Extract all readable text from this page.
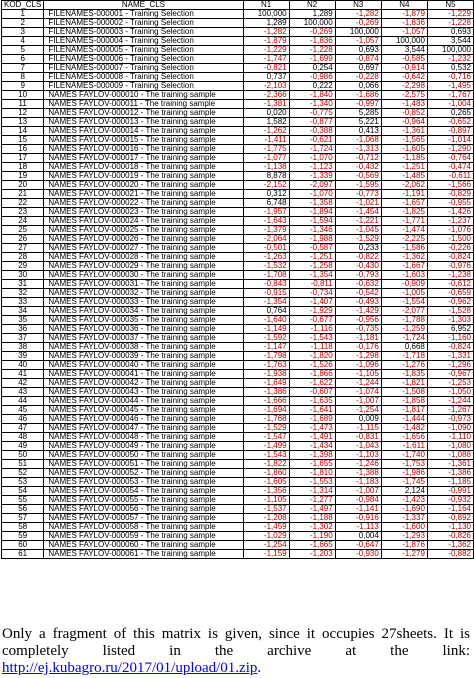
KOD_CLS	NAME_CLS	N1	N2	N3	N4	N5
1	FILENAMES-000001 - Training Selection	100,000	1,289	-1,282	-1,879	-1,229
2	FILENAMES-000002 - Training Selection	1,289	100,000	-0,269	-1,836	-1,228
3	FILENAMES-000003 - Training Selection	-1,282	-0,269	100,000	-1,057	0,693
4	FILENAMES-000004 - Training Selection	-1,879	-1,836	-1,057	100,000	3,544
5	FILENAMES-000005 - Training Selection	-1,229	-1,228	0,693	3,544	100,000
6	FILENAMES-000006 - Training Selection	-1,747	-1,699	-0,874	-0,585	-1,232
7	FILENAMES-000007 - Training Selection	-0,821	0,254	0,697	-0,914	0,532
8	FILENAMES-000008 - Training Selection	0,737	-0,986	-0,228	-0,642	-0,716
9	FILENAMES-000009 - Training Selection	-2,103	0,222	0,066	-2,298	-1,495
10	NAMES FAYLOV-000010 - The training sample	-2,366	-1,840	-1,686	-2,575	-1,767
11	NAMES FAYLOV-000011 - The training sample	-1,381	-1,340	-0,997	-1,483	-1,004
12	NAMES FAYLOV-000012 - The training sample	0,020	-0,775	5,285	-0,852	0,265
13	NAMES FAYLOV-000013 - The training sample	1,582	-0,877	5,221	-0,964	-0,652
14	NAMES FAYLOV-000014 - The training sample	-1,262	-0,388	0,413	-1,361	-0,897
15	NAMES FAYLOV-000015 - The training sample	-1,411	-0,621	-1,068	-1,565	-1,014
16	NAMES FAYLOV-000016 - The training sample	-1,775	-1,724	-1,313	-1,605	-1,290
17	NAMES FAYLOV-000017 - The training sample	-1,077	-1,070	-0,712	-1,185	-0,764
18	NAMES FAYLOV-000018 - The training sample	-1,138	-1,123	-0,432	-1,251	-0,474
19	NAMES FAYLOV-000019 - The training sample	8,878	-1,339	-0,569	-1,485	-0,611
20	NAMES FAYLOV-000020 - The training sample	-2,152	-2,097	-1,595	-2,062	-1,566
21	NAMES FAYLOV-000021 - The training sample	0,312	-1,070	-0,773	-1,191	-0,829
22	NAMES FAYLOV-000022 - The training sample	6,748	-1,358	-1,021	-1,657	-0,955
23	NAMES FAYLOV-000023 - The training sample	-1,957	-1,894	-1,454	-1,825	-1,426
24	NAMES FAYLOV-000024 - The training sample	-1,643	-1,594	-1,221	-1,771	-1,237
25	NAMES FAYLOV-000025 - The training sample	-1,379	-1,346	-1,045	-1,474	-1,076
26	NAMES FAYLOV-000026 - The training sample	-2,064	-1,988	-1,529	-2,225	-1,500
27	NAMES FAYLOV-000027 - The training sample	-0,501	-0,587	0,233	-1,586	-0,226
28	NAMES FAYLOV-000028 - The training sample	-1,263	-1,251	-0,822	-1,362	-0,824
29	NAMES FAYLOV-000029 - The training sample	-1,532	-1,258	-0,430	-1,667	-0,976
30	NAMES FAYLOV-000030 - The training sample	-1,708	-1,354	-0,793	-1,603	-1,238
31	NAMES FAYLOV-000031 - The training sample	-0,843	-0,811	-0,632	-0,909	-0,612
32	NAMES FAYLOV-000032 - The training sample	-0,915	-0,734	-0,542	-1,005	-0,659
33	NAMES FAYLOV-000033 - The training sample	-1,354	-1,407	-0,493	-1,554	-0,962
34	NAMES FAYLOV-000034 - The training sample	0,764	-1,929	-1,429	-2,077	-1,528
35	NAMES FAYLOV-000035 - The training sample	-1,640	-0,677	-0,956	-1,788	-1,303
36	NAMES FAYLOV-000036 - The training sample	-1,149	-1,116	-0,735	-1,259	6,952
37	NAMES FAYLOV-000037 - The training sample	-1,592	-1,543	-1,181	-1,724	-1,160
38	NAMES FAYLOV-000038 - The training sample	-1,147	-1,118	-0,176	0,668	-0,824
39	NAMES FAYLOV-000039 - The training sample	-1,798	-1,820	-1,298	-1,718	-1,331
40	NAMES FAYLOV-000040 - The training sample	-1,763	-1,526	-1,096	-1,276	-1,296
41	NAMES FAYLOV-000041 - The training sample	-1,938	-1,866	-1,105	-1,835	-0,967
42	NAMES FAYLOV-000042 - The training sample	-1,649	-1,622	-1,244	-1,821	-1,253
43	NAMES FAYLOV-000043 - The training sample	-1,386	-0,607	-1,074	-1,508	-1,050
44	NAMES FAYLOV-000044 - The training sample	-1,666	-1,635	-1,007	-1,858	-1,244
45	NAMES FAYLOV-000045 - The training sample	-1,694	-1,641	-1,254	-1,817	-1,267
46	NAMES FAYLOV-000046 - The training sample	-1,768	-1,689	0,009	-1,444	-0,973
47	NAMES FAYLOV-000047 - The training sample	-1,529	-1,473	-1,115	-1,482	-1,090
48	NAMES FAYLOV-000048 - The training sample	-1,547	-1,491	-0,831	-1,656	-1,110
49	NAMES FAYLOV-000049 - The training sample	-1,499	-1,434	-1,043	-1,611	-1,080
50	NAMES FAYLOV-000050 - The training sample	-1,543	-1,398	-1,103	-1,740	-1,088
51	NAMES FAYLOV-000051 - The training sample	-1,822	-1,655	-1,246	-1,753	-1,361
52	NAMES FAYLOV-000052 - The training sample	-1,860	-1,810	-1,388	-1,986	-1,386
53	NAMES FAYLOV-000053 - The training sample	-1,605	-1,553	-1,183	-1,745	-1,185
54	NAMES FAYLOV-000054 - The training sample	-1,356	-1,314	-1,007	2,124	-0,991
55	NAMES FAYLOV-000055 - The training sample	-1,105	-1,277	-0,984	-1,423	-0,932
56	NAMES FAYLOV-000056 - The training sample	-1,537	-1,497	-1,141	-1,690	-1,164
57	NAMES FAYLOV-000057 - The training sample	-1,208	-1,188	-0,916	-1,337	-0,892
58	NAMES FAYLOV-000058 - The training sample	-1,459	-1,302	-1,113	-1,600	-1,130
59	NAMES FAYLOV-000059 - The training sample	-1,029	-1,190	0,004	-1,293	-0,826
60	NAMES FAYLOV-000060 - The training sample	-1,254	-1,665	-0,647	-1,876	-1,362
61	NAMES FAYLOV-000061 - The training sample	-1,159	-1,203	-0,930	-1,279	-0,882

Only a fragment of this matrix is given, since it occupies 27sheets. It is completely listed in the archive at the link: http://ej.kubagro.ru/2017/01/upload/01.zip.
